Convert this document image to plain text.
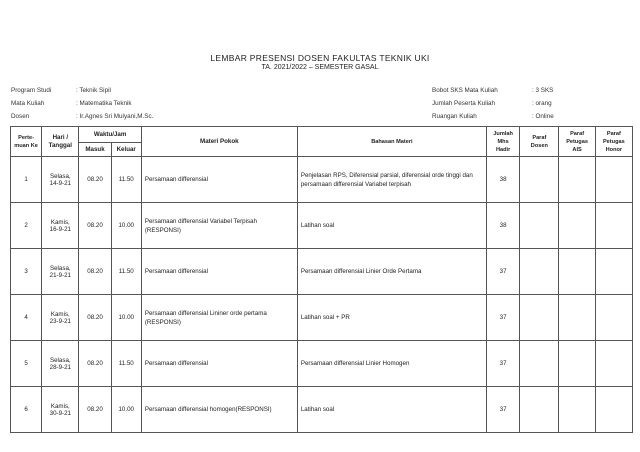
LEMBAR PRESENSI DOSEN FAKULTAS TEKNIK UKI
TA. 2021/2022 – SEMESTER GASAL
Program Studi	: Teknik Sipil
Mata Kuliah	: Matematika Teknik
Dosen	: Ir.Agnes Sri Mulyani,M.Sc.
Bobot SKS Mata Kuliah	: 3 SKS
Jumlah Peserta Kuliah	: orang
Ruangan Kuliah	: Online
Perte-muan Ke	Hari / Tanggal	Waktu/Jam		Materi Pokok	Bahasan Materi	Jumlah Mhs Hadir	Paraf Dosen	Paraf Petugas AIS	Paraf Petugas Honor
		Masuk	Keluar						
1	Selasa,
14-9-21	08.20	11.50	Persamaan differensial	Penjelasan RPS, Diferensial parsial, diferensial orde tinggi dan persamaan differensial Variabel terpisah	38			
2	Kamis,
16-9-21	08.20	10.00	Persamaan differensial Variabel Terpisah (RESPONSI)	Latihan soal	38			
3	Selasa,
21-9-21	08.20	11.50	Persamaan differensial	Persamaan differensial Linier Orde Pertama	37			
4	Kamis,
23-9-21	08.20	10.00	Persamaan differensial Lininer orde pertama (RESPONSI)	Latihan soal + PR	37			
5	Selasa,
28-9-21	08.20	11.50	Persamaan differensial	Persamaan differensial Linier Homogen	37			
6	Kamis,
30-9-21	08.20	10.00	Persamaan differensial homogen(RESPONSI)	Latihan soal	37			
